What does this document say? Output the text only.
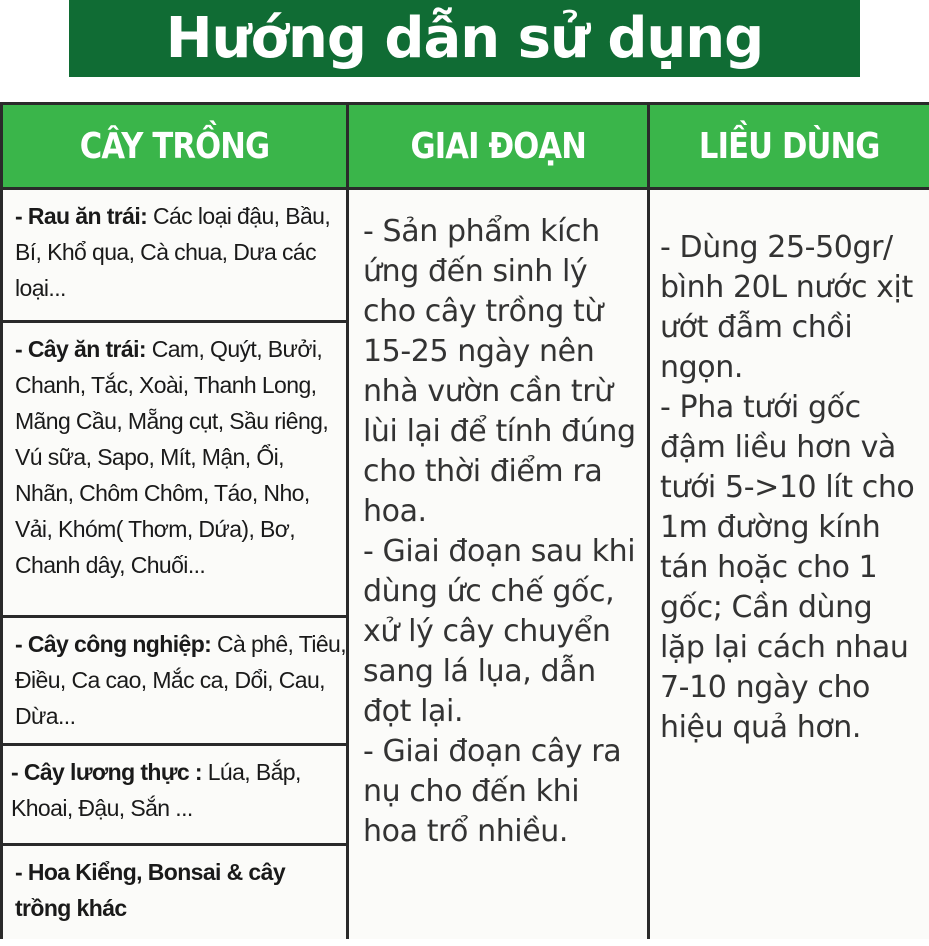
Hướng dẫn sử dụng
CÂY TRỒNG	GIAI ĐOẠN	LIỀU DÙNG
- Rau ăn trái: Các loại đậu, Bầu, Bí, Khổ qua, Cà chua, Dưa các loại...
- Cây ăn trái: Cam, Quýt, Bưởi, Chanh, Tắc, Xoài, Thanh Long, Mãng Cầu, Mẵng cụt, Sầu riêng, Vú sữa, Sapo, Mít, Mận, Ổi, Nhãn, Chôm Chôm, Táo, Nho, Vải, Khóm( Thơm, Dứa), Bơ, Chanh dây, Chuối...
- Cây công nghiệp: Cà phê, Tiêu, Điều, Ca cao, Mắc ca, Dổi, Cau, Dừa...
- Cây lương thực : Lúa, Bắp, Khoai, Đậu, Sắn ...
- Hoa Kiểng, Bonsai & cây trồng khác

- Sản phẩm kích ứng đến sinh lý cho cây trồng từ 15-25 ngày nên nhà vườn cần trừ lùi lại để tính đúng cho thời điểm ra hoa.

- Giai đoạn sau khi dùng ức chế gốc, xử lý cây chuyển sang lá lụa, dẫn đọt lại.

- Giai đoạn cây ra nụ cho đến khi hoa trổ nhiều.

- Dùng 25-50gr/ bình 20L nước xịt ướt đẫm chồi ngọn.

- Pha tưới gốc đậm liều hơn và tưới 5->10 lít cho 1m đường kính tán hoặc cho 1 gốc; Cần dùng lặp lại cách nhau 7-10 ngày cho hiệu quả hơn.
